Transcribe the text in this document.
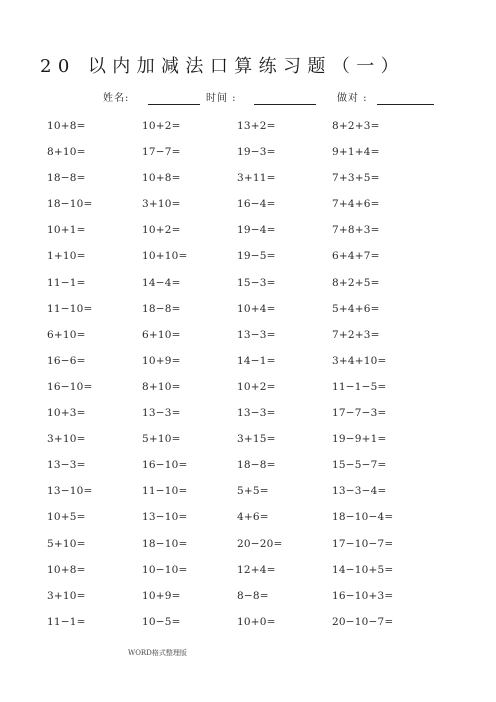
20 以内加减法口算练习题（一）
姓名:	时间 :	做对 :
10+8=	10+2=	13+2=	8+2+3=
8+10=	17−7=	19−3=	9+1+4=
18−8=	10+8=	3+11=	7+3+5=
18−10=	3+10=	16−4=	7+4+6=
10+1=	10+2=	19−4=	7+8+3=
1+10=	10+10=	19−5=	6+4+7=
11−1=	14−4=	15−3=	8+2+5=
11−10=	18−8=	10+4=	5+4+6=
6+10=	6+10=	13−3=	7+2+3=
16−6=	10+9=	14−1=	3+4+10=
16−10=	8+10=	10+2=	11−1−5=
10+3=	13−3=	13−3=	17−7−3=
3+10=	5+10=	3+15=	19−9+1=
13−3=	16−10=	18−8=	15−5−7=
13−10=	11−10=	5+5=	13−3−4=
10+5=	13−10=	4+6=	18−10−4=
5+10=	18−10=	20−20=	17−10−7=
10+8=	10−10=	12+4=	14−10+5=
3+10=	10+9=	8−8=	16−10+3=
11−1=	10−5=	10+0=	20−10−7=
WORD格式整理版
